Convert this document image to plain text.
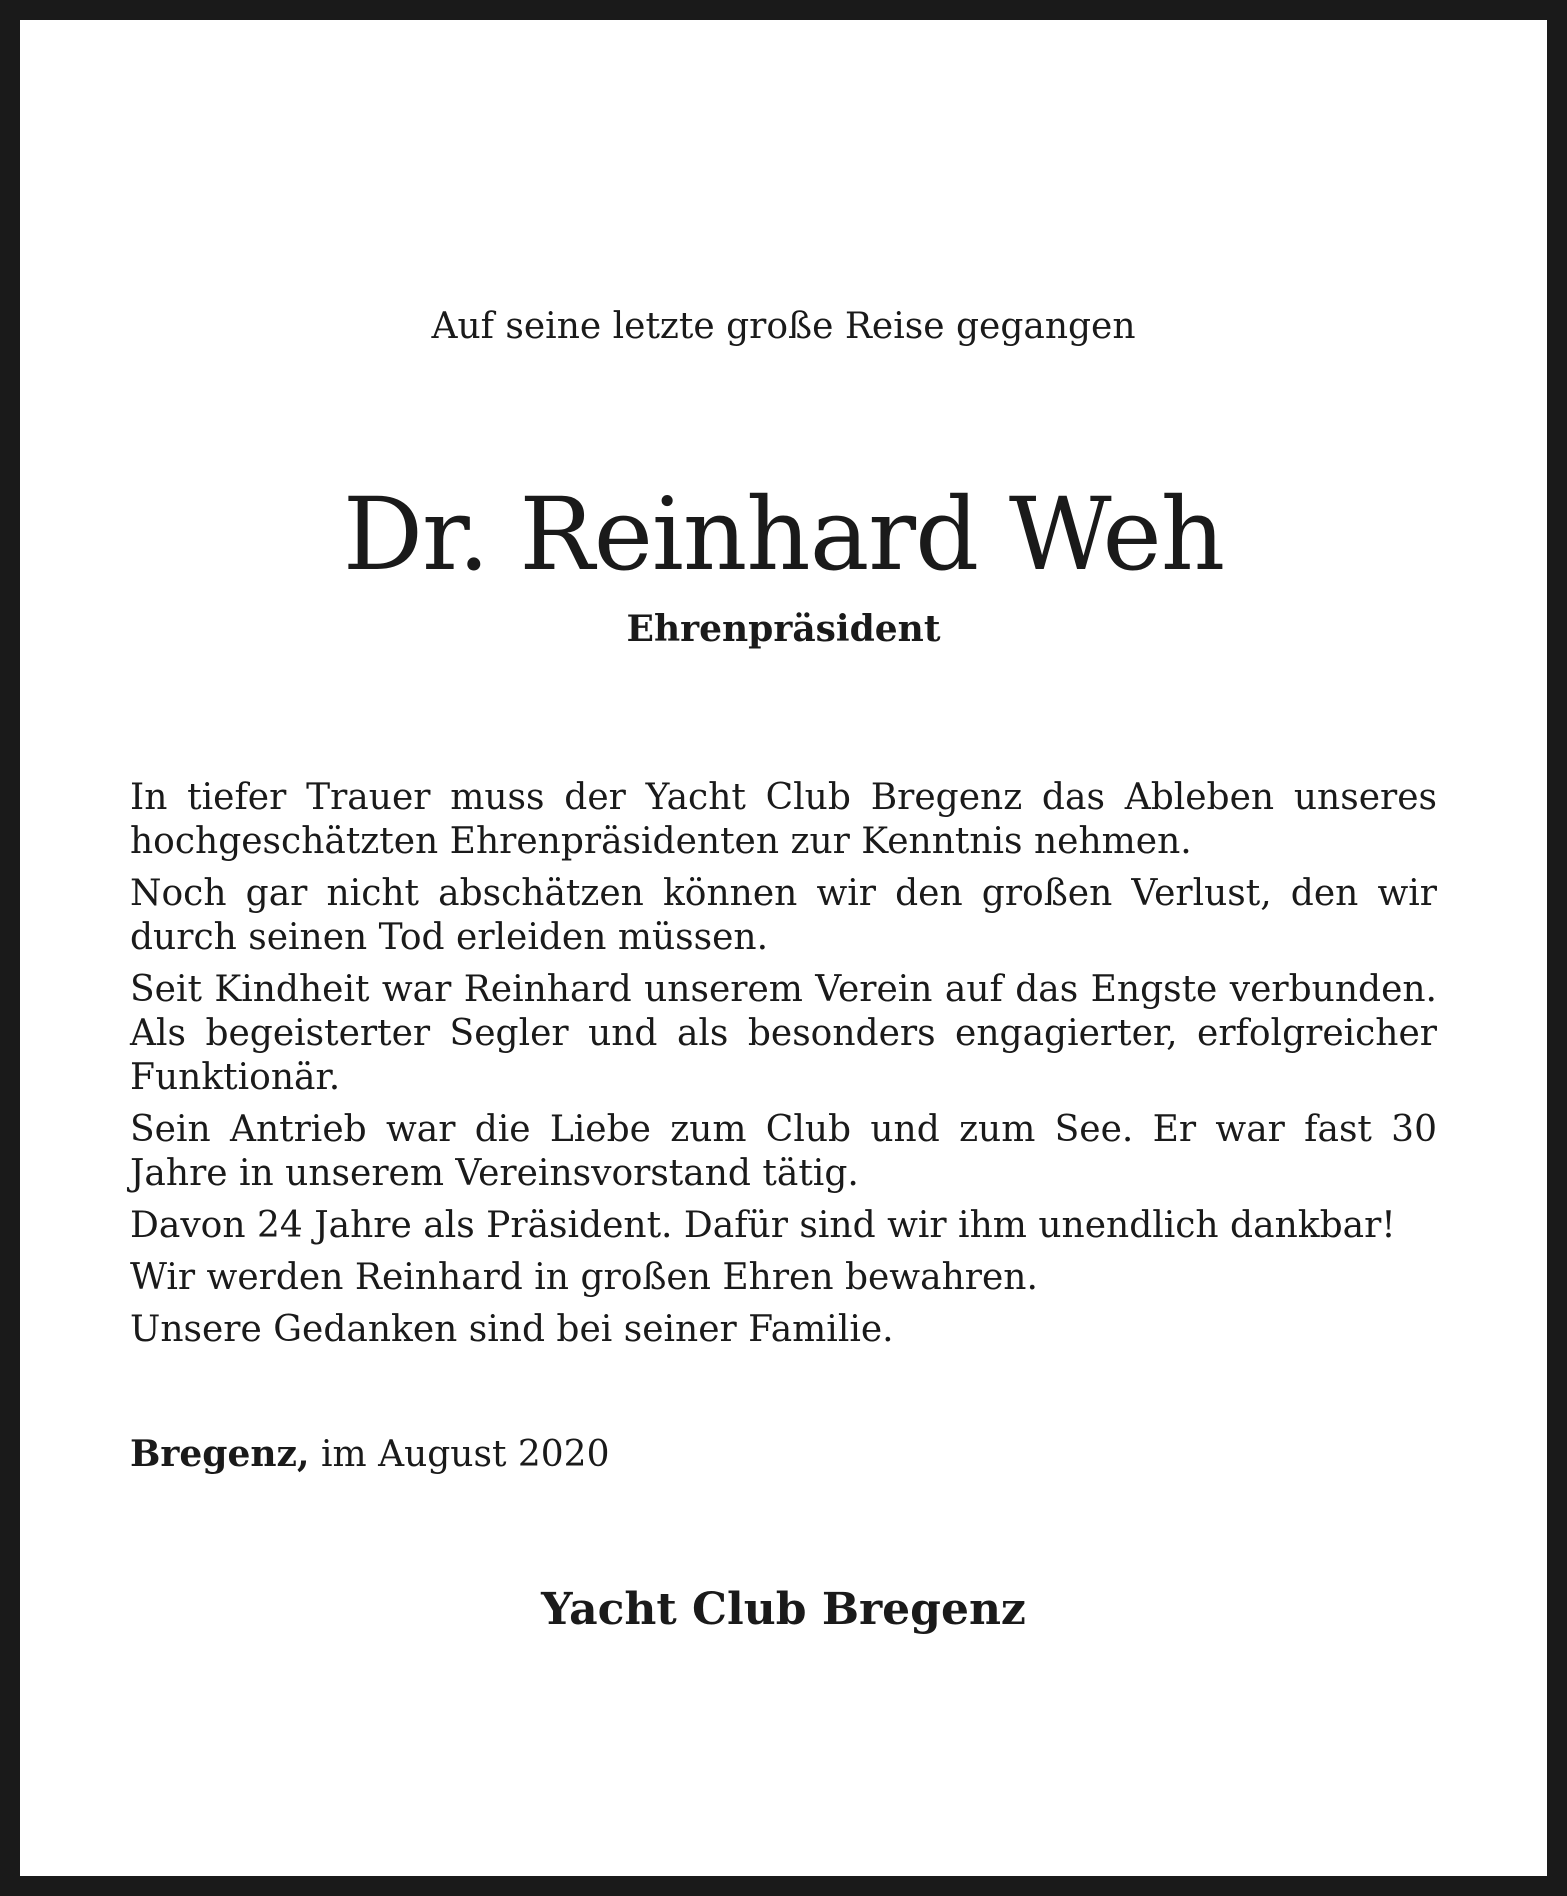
Auf seine letzte große Reise gegangen

Dr. Reinhard Weh

Ehrenpräsident

In tiefer Trauer muss der Yacht Club Bregenz das Ableben unseres hochgeschätzten Ehrenpräsidenten zur Kenntnis nehmen.

Noch gar nicht abschätzen können wir den großen Verlust, den wir durch seinen Tod erleiden müssen.

Seit Kindheit war Reinhard unserem Verein auf das Engste verbunden. Als begeisterter Segler und als besonders engagierter, erfolgreicher Funktionär.

Sein Antrieb war die Liebe zum Club und zum See. Er war fast 30 Jahre in unserem Vereinsvorstand tätig.

Davon 24 Jahre als Präsident. Dafür sind wir ihm unendlich dankbar!

Wir werden Reinhard in großen Ehren bewahren.

Unsere Gedanken sind bei seiner Familie.

Bregenz, im August 2020

Yacht Club Bregenz
